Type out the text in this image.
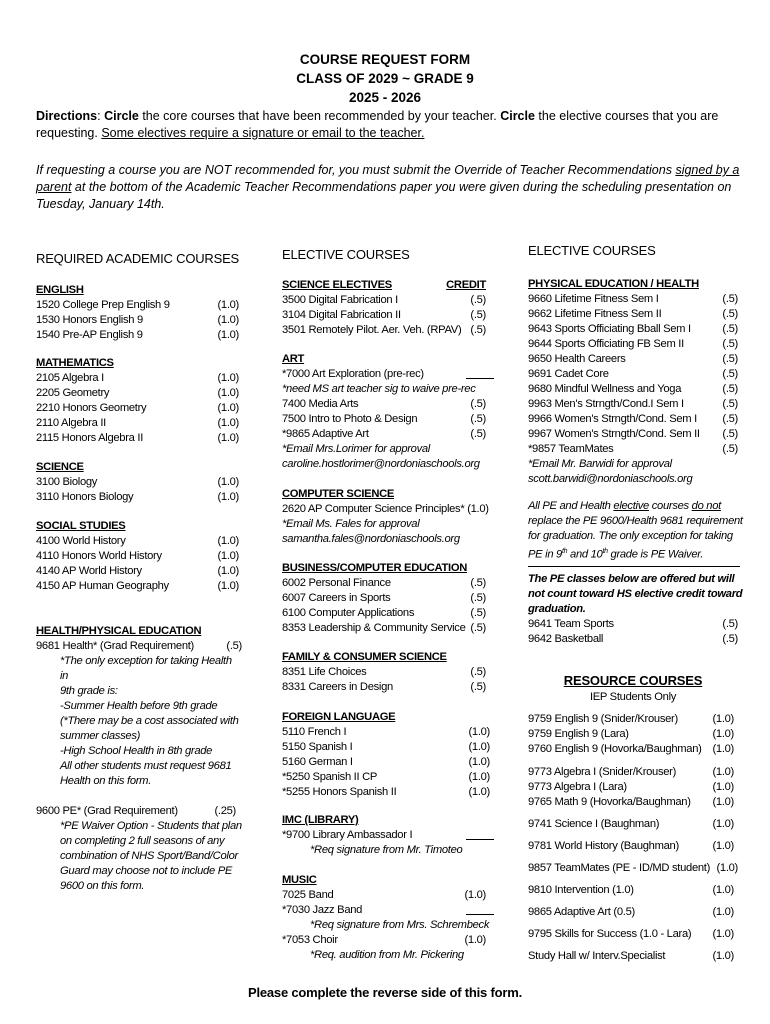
COURSE REQUEST FORM
CLASS OF 2029 ~ GRADE 9
2025 - 2026
Directions: Circle the core courses that have been recommended by your teacher. Circle the elective courses that you are
requesting. Some electives require a signature or email to the teacher.
If requesting a course you are NOT recommended for, you must submit the Override of Teacher Recommendations signed by a parent at the bottom of the Academic Teacher Recommendations paper you were given during the scheduling presentation on Tuesday, January 14th.
REQUIRED ACADEMIC COURSES
ENGLISH
1520 College Prep English 9	(1.0)
1530 Honors English 9	(1.0)
1540 Pre-AP English 9	(1.0)
MATHEMATICS
2105 Algebra I	(1.0)
2205 Geometry	(1.0)
2210 Honors Geometry	(1.0)
2110 Algebra II	(1.0)
2115 Honors Algebra II	(1.0)
SCIENCE
3100 Biology	(1.0)
3110 Honors Biology	(1.0)
SOCIAL STUDIES
4100 World History	(1.0)
4110 Honors World History	(1.0)
4140 AP World History	(1.0)
4150 AP Human Geography	(1.0)
HEALTH/PHYSICAL EDUCATION
9681 Health* (Grad Requirement)	(.5)
*The only exception for taking Health in
9th grade is:
-Summer Health before 9th grade
(*There may be a cost associated with
summer classes)
-High School Health in 8th grade
All other students must request 9681
Health on this form.
9600 PE* (Grad Requirement)	(.25)
*PE Waiver Option - Students that plan
on completing 2 full seasons of any
combination of NHS Sport/Band/Color
Guard may choose not to include PE
9600 on this form.
ELECTIVE COURSES
SCIENCE ELECTIVES	CREDIT
3500 Digital Fabrication I	(.5)
3104 Digital Fabrication II	(.5)
3501 Remotely Pilot. Aer. Veh. (RPAV) (.5)
ART
*7000 Art Exploration (pre-rec)
*need MS art teacher sig to waive pre-rec
7400 Media Arts	(.5)
7500 Intro to Photo & Design	(.5)
*9865 Adaptive Art	(.5)
*Email Mrs.Lorimer for approval
caroline.hostlorimer@nordoniaschools.org
COMPUTER SCIENCE
2620 AP Computer Science Principles* (1.0)
*Email Ms. Fales for approval
samantha.fales@nordoniaschools.org
BUSINESS/COMPUTER EDUCATION
6002 Personal Finance	(.5)
6007 Careers in Sports	(.5)
6100 Computer Applications	(.5)
8353 Leadership & Community Service (.5)
FAMILY & CONSUMER SCIENCE
8351 Life Choices	(.5)
8331 Careers in Design	(.5)
FOREIGN LANGUAGE
5110 French I	(1.0)
5150 Spanish I	(1.0)
5160 German I	(1.0)
*5250 Spanish II CP	(1.0)
*5255 Honors Spanish II	(1.0)
IMC (LIBRARY)
*9700 Library Ambassador I
*Req signature from Mr. Timoteo
MUSIC
7025 Band	(1.0)
*7030 Jazz Band
*Req signature from Mrs. Schrembeck
*7053 Choir	(1.0)
*Req. audition from Mr. Pickering
ELECTIVE COURSES
PHYSICAL EDUCATION / HEALTH
9660 Lifetime Fitness Sem I	(.5)
9662 Lifetime Fitness Sem II	(.5)
9643 Sports Officiating Bball Sem I	(.5)
9644 Sports Officiating FB Sem II	(.5)
9650 Health Careers	(.5)
9691 Cadet Core	(.5)
9680 Mindful Wellness and Yoga	(.5)
9963 Men's Strngth/Cond.I Sem I	(.5)
9966 Women's Strngth/Cond. Sem I (.5)
9967 Women's Strngth/Cond. Sem II (.5)
*9857 TeamMates	(.5)
*Email Mr. Barwidi for approval
scott.barwidi@nordoniaschools.org
All PE and Health elective courses do not
replace the PE 9600/Health 9681 requirement
for graduation. The only exception for taking
PE in 9th and 10th grade is PE Waiver.
The PE classes below are offered but will
not count toward HS elective credit toward
graduation.
9641 Team Sports	(.5)
9642 Basketball	(.5)
RESOURCE COURSES
IEP Students Only
9759 English 9 (Snider/Krouser)	(1.0)
9759 English 9 (Lara)	(1.0)
9760 English 9 (Hovorka/Baughman) (1.0)
9773 Algebra I (Snider/Krouser)	(1.0)
9773 Algebra I (Lara)	(1.0)
9765 Math 9 (Hovorka/Baughman) (1.0)
9741 Science I (Baughman)	(1.0)
9781 World History (Baughman)	(1.0)
9857 TeamMates (PE - ID/MD student) (1.0)
9810 Intervention (1.0)	(1.0)
9865 Adaptive Art (0.5)	(1.0)
9795 Skills for Success (1.0 - Lara) (1.0)
Study Hall w/ Interv.Specialist	(1.0)
Please complete the reverse side of this form.
